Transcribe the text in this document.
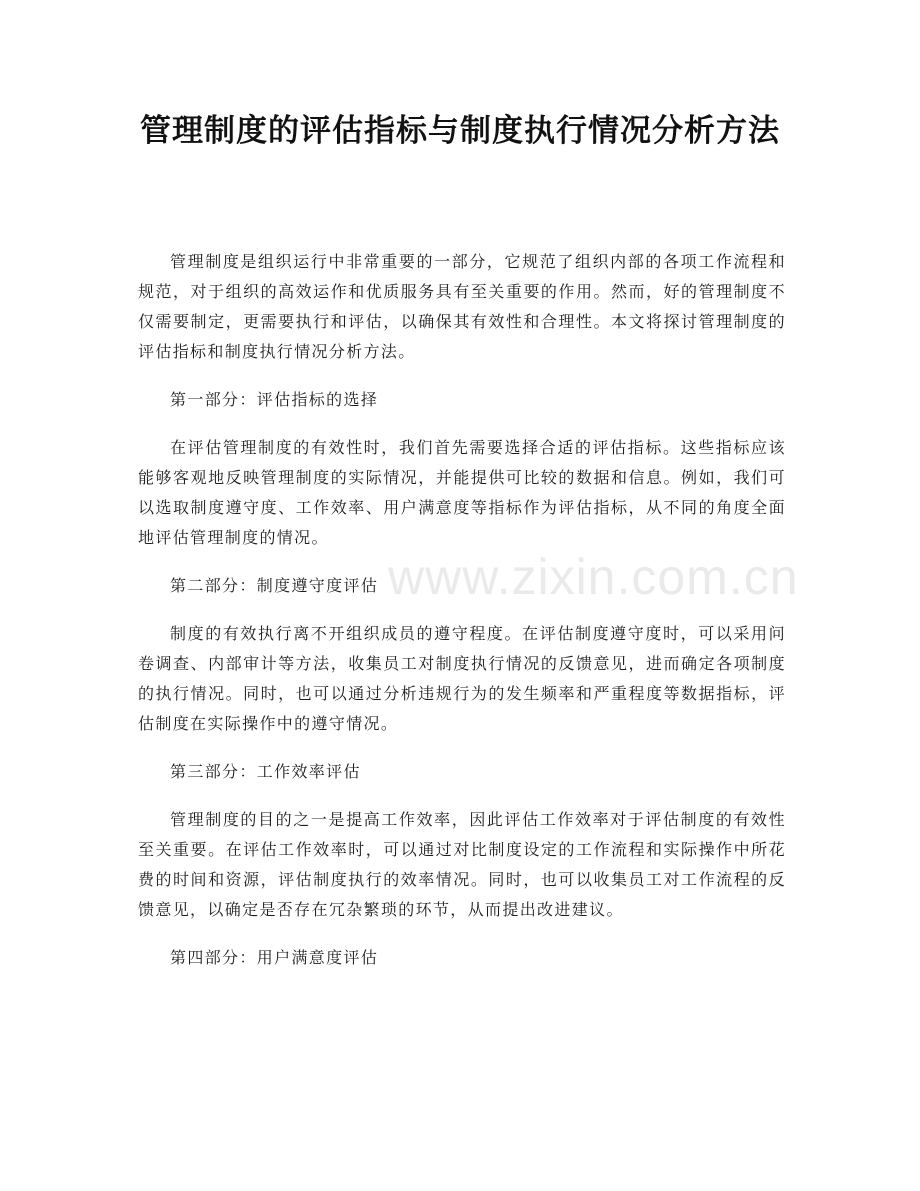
管理制度的评估指标与制度执行情况分析方法

管理制度是组织运行中非常重要的一部分，它规范了组织内部的各项工作流程和规范，对于组织的高效运作和优质服务具有至关重要的作用。然而，好的管理制度不仅需要制定，更需要执行和评估，以确保其有效性和合理性。本文将探讨管理制度的评估指标和制度执行情况分析方法。

第一部分：评估指标的选择

在评估管理制度的有效性时，我们首先需要选择合适的评估指标。这些指标应该能够客观地反映管理制度的实际情况，并能提供可比较的数据和信息。例如，我们可以选取制度遵守度、工作效率、用户满意度等指标作为评估指标，从不同的角度全面地评估管理制度的情况。

第二部分：制度遵守度评估

制度的有效执行离不开组织成员的遵守程度。在评估制度遵守度时，可以采用问卷调查、内部审计等方法，收集员工对制度执行情况的反馈意见，进而确定各项制度的执行情况。同时，也可以通过分析违规行为的发生频率和严重程度等数据指标，评估制度在实际操作中的遵守情况。

第三部分：工作效率评估

管理制度的目的之一是提高工作效率，因此评估工作效率对于评估制度的有效性至关重要。在评估工作效率时，可以通过对比制度设定的工作流程和实际操作中所花费的时间和资源，评估制度执行的效率情况。同时，也可以收集员工对工作流程的反馈意见，以确定是否存在冗杂繁琐的环节，从而提出改进建议。

第四部分：用户满意度评估

www.zixin.com.cn
